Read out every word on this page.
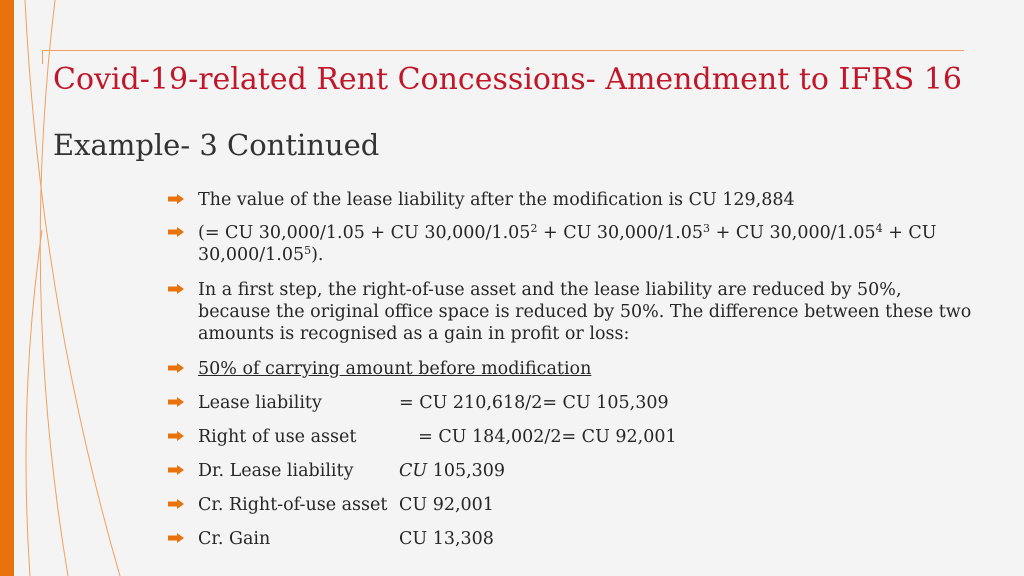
Covid-19-related Rent Concessions- Amendment to IFRS 16
Example- 3 Continued
The value of the lease liability after the modification is CU 129,884
(= CU 30,000/1.05 + CU $30,000/1.05^2$ + CU $30,000/1.05^3$ + CU $30,000/1.05^4$ + CU 30,000/1.05$^5$).
In a first step, the right-of-use asset and the lease liability are reduced by 50%, because the original office space is reduced by 50%. The difference between these two amounts is recognised as a gain in profit or loss:
50% of carrying amount before modification
Lease liability	= CU 210,618/2= CU 105,309
Right of use asset	= CU 184,002/2= CU 92,001
Dr. Lease liability	CU 105,309
Cr. Right-of-use asset CU 92,001
Cr. Gain	CU 13,308
